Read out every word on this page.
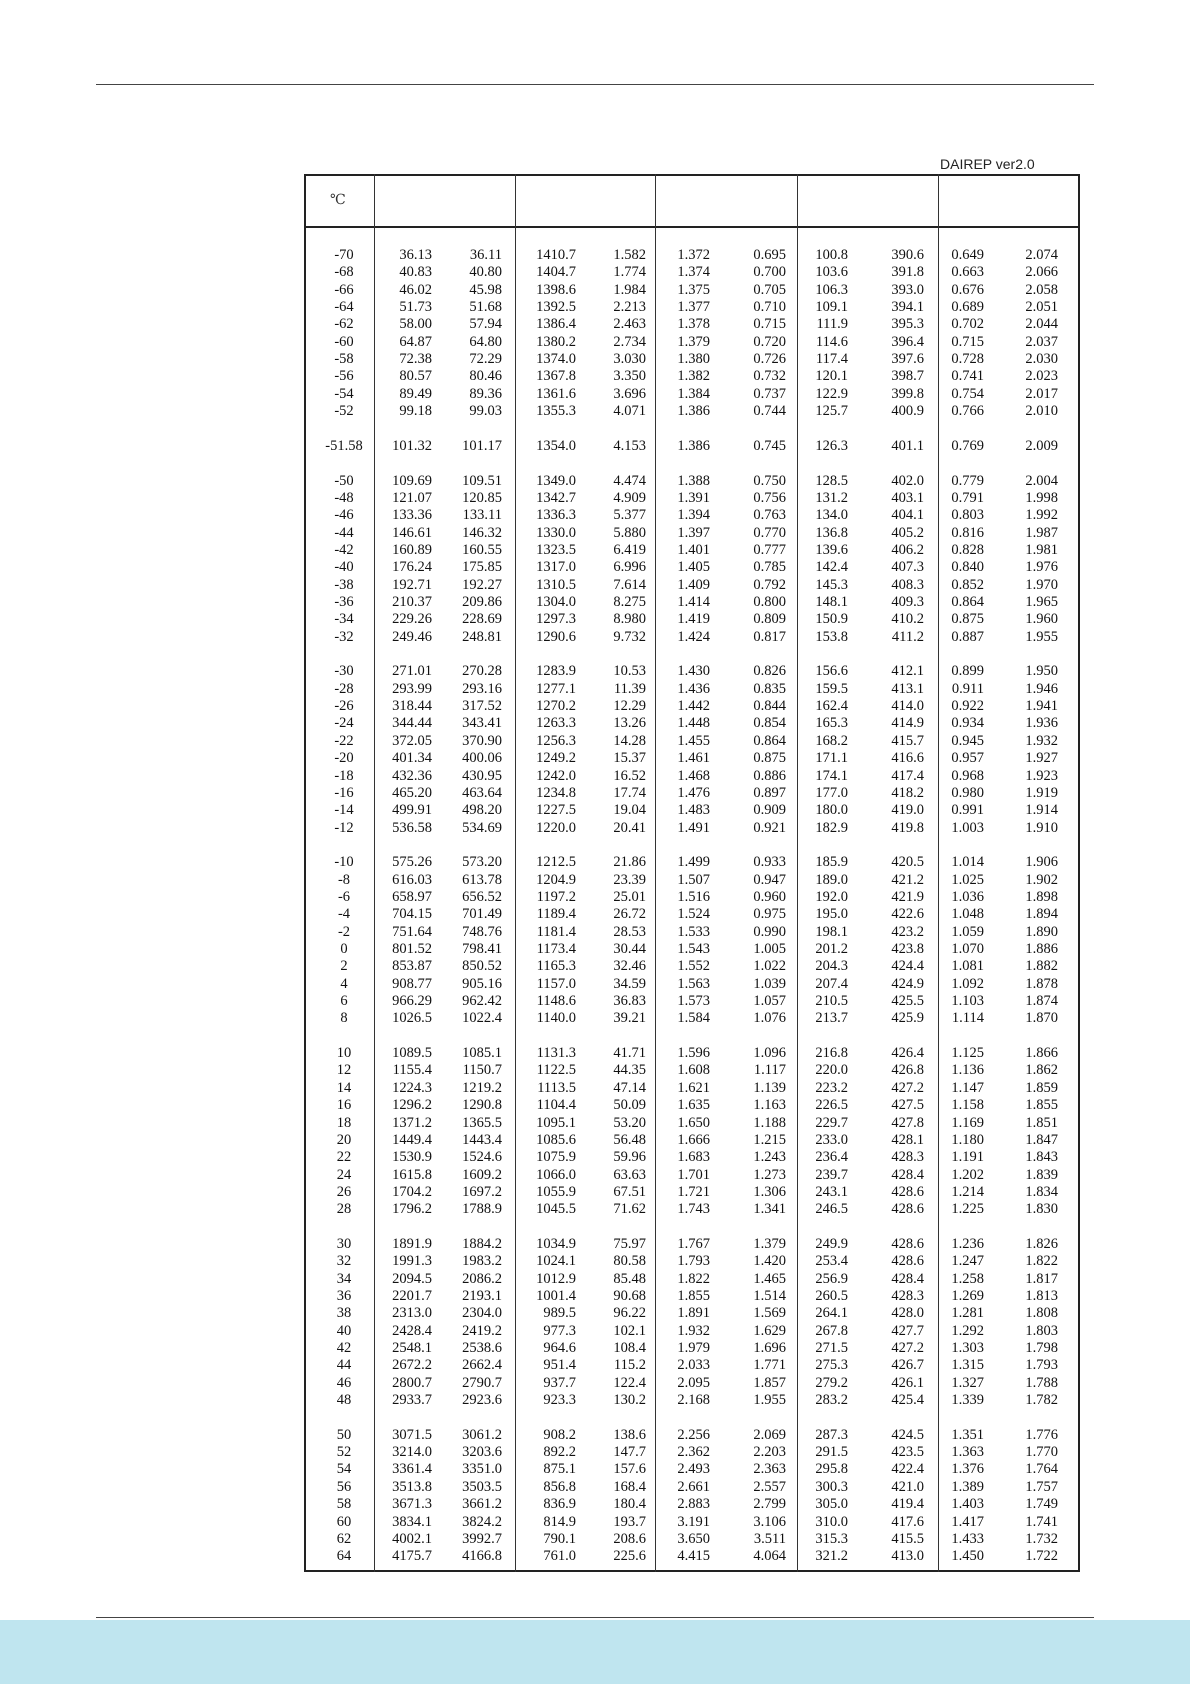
DAIREP ver2.0
℃
-70	36.13	36.11	1410.7	1.582	1.372	0.695	100.8	390.6	0.649	2.074
-68	40.83	40.80	1404.7	1.774	1.374	0.700	103.6	391.8	0.663	2.066
-66	46.02	45.98	1398.6	1.984	1.375	0.705	106.3	393.0	0.676	2.058
-64	51.73	51.68	1392.5	2.213	1.377	0.710	109.1	394.1	0.689	2.051
-62	58.00	57.94	1386.4	2.463	1.378	0.715	111.9	395.3	0.702	2.044
-60	64.87	64.80	1380.2	2.734	1.379	0.720	114.6	396.4	0.715	2.037
-58	72.38	72.29	1374.0	3.030	1.380	0.726	117.4	397.6	0.728	2.030
-56	80.57	80.46	1367.8	3.350	1.382	0.732	120.1	398.7	0.741	2.023
-54	89.49	89.36	1361.6	3.696	1.384	0.737	122.9	399.8	0.754	2.017
-52	99.18	99.03	1355.3	4.071	1.386	0.744	125.7	400.9	0.766	2.010
-51.58	101.32	101.17	1354.0	4.153	1.386	0.745	126.3	401.1	0.769	2.009
-50	109.69	109.51	1349.0	4.474	1.388	0.750	128.5	402.0	0.779	2.004
-48	121.07	120.85	1342.7	4.909	1.391	0.756	131.2	403.1	0.791	1.998
-46	133.36	133.11	1336.3	5.377	1.394	0.763	134.0	404.1	0.803	1.992
-44	146.61	146.32	1330.0	5.880	1.397	0.770	136.8	405.2	0.816	1.987
-42	160.89	160.55	1323.5	6.419	1.401	0.777	139.6	406.2	0.828	1.981
-40	176.24	175.85	1317.0	6.996	1.405	0.785	142.4	407.3	0.840	1.976
-38	192.71	192.27	1310.5	7.614	1.409	0.792	145.3	408.3	0.852	1.970
-36	210.37	209.86	1304.0	8.275	1.414	0.800	148.1	409.3	0.864	1.965
-34	229.26	228.69	1297.3	8.980	1.419	0.809	150.9	410.2	0.875	1.960
-32	249.46	248.81	1290.6	9.732	1.424	0.817	153.8	411.2	0.887	1.955
-30	271.01	270.28	1283.9	10.53	1.430	0.826	156.6	412.1	0.899	1.950
-28	293.99	293.16	1277.1	11.39	1.436	0.835	159.5	413.1	0.911	1.946
-26	318.44	317.52	1270.2	12.29	1.442	0.844	162.4	414.0	0.922	1.941
-24	344.44	343.41	1263.3	13.26	1.448	0.854	165.3	414.9	0.934	1.936
-22	372.05	370.90	1256.3	14.28	1.455	0.864	168.2	415.7	0.945	1.932
-20	401.34	400.06	1249.2	15.37	1.461	0.875	171.1	416.6	0.957	1.927
-18	432.36	430.95	1242.0	16.52	1.468	0.886	174.1	417.4	0.968	1.923
-16	465.20	463.64	1234.8	17.74	1.476	0.897	177.0	418.2	0.980	1.919
-14	499.91	498.20	1227.5	19.04	1.483	0.909	180.0	419.0	0.991	1.914
-12	536.58	534.69	1220.0	20.41	1.491	0.921	182.9	419.8	1.003	1.910
-10	575.26	573.20	1212.5	21.86	1.499	0.933	185.9	420.5	1.014	1.906
-8	616.03	613.78	1204.9	23.39	1.507	0.947	189.0	421.2	1.025	1.902
-6	658.97	656.52	1197.2	25.01	1.516	0.960	192.0	421.9	1.036	1.898
-4	704.15	701.49	1189.4	26.72	1.524	0.975	195.0	422.6	1.048	1.894
-2	751.64	748.76	1181.4	28.53	1.533	0.990	198.1	423.2	1.059	1.890
0	801.52	798.41	1173.4	30.44	1.543	1.005	201.2	423.8	1.070	1.886
2	853.87	850.52	1165.3	32.46	1.552	1.022	204.3	424.4	1.081	1.882
4	908.77	905.16	1157.0	34.59	1.563	1.039	207.4	424.9	1.092	1.878
6	966.29	962.42	1148.6	36.83	1.573	1.057	210.5	425.5	1.103	1.874
8	1026.5	1022.4	1140.0	39.21	1.584	1.076	213.7	425.9	1.114	1.870
10	1089.5	1085.1	1131.3	41.71	1.596	1.096	216.8	426.4	1.125	1.866
12	1155.4	1150.7	1122.5	44.35	1.608	1.117	220.0	426.8	1.136	1.862
14	1224.3	1219.2	1113.5	47.14	1.621	1.139	223.2	427.2	1.147	1.859
16	1296.2	1290.8	1104.4	50.09	1.635	1.163	226.5	427.5	1.158	1.855
18	1371.2	1365.5	1095.1	53.20	1.650	1.188	229.7	427.8	1.169	1.851
20	1449.4	1443.4	1085.6	56.48	1.666	1.215	233.0	428.1	1.180	1.847
22	1530.9	1524.6	1075.9	59.96	1.683	1.243	236.4	428.3	1.191	1.843
24	1615.8	1609.2	1066.0	63.63	1.701	1.273	239.7	428.4	1.202	1.839
26	1704.2	1697.2	1055.9	67.51	1.721	1.306	243.1	428.6	1.214	1.834
28	1796.2	1788.9	1045.5	71.62	1.743	1.341	246.5	428.6	1.225	1.830
30	1891.9	1884.2	1034.9	75.97	1.767	1.379	249.9	428.6	1.236	1.826
32	1991.3	1983.2	1024.1	80.58	1.793	1.420	253.4	428.6	1.247	1.822
34	2094.5	2086.2	1012.9	85.48	1.822	1.465	256.9	428.4	1.258	1.817
36	2201.7	2193.1	1001.4	90.68	1.855	1.514	260.5	428.3	1.269	1.813
38	2313.0	2304.0	989.5	96.22	1.891	1.569	264.1	428.0	1.281	1.808
40	2428.4	2419.2	977.3	102.1	1.932	1.629	267.8	427.7	1.292	1.803
42	2548.1	2538.6	964.6	108.4	1.979	1.696	271.5	427.2	1.303	1.798
44	2672.2	2662.4	951.4	115.2	2.033	1.771	275.3	426.7	1.315	1.793
46	2800.7	2790.7	937.7	122.4	2.095	1.857	279.2	426.1	1.327	1.788
48	2933.7	2923.6	923.3	130.2	2.168	1.955	283.2	425.4	1.339	1.782
50	3071.5	3061.2	908.2	138.6	2.256	2.069	287.3	424.5	1.351	1.776
52	3214.0	3203.6	892.2	147.7	2.362	2.203	291.5	423.5	1.363	1.770
54	3361.4	3351.0	875.1	157.6	2.493	2.363	295.8	422.4	1.376	1.764
56	3513.8	3503.5	856.8	168.4	2.661	2.557	300.3	421.0	1.389	1.757
58	3671.3	3661.2	836.9	180.4	2.883	2.799	305.0	419.4	1.403	1.749
60	3834.1	3824.2	814.9	193.7	3.191	3.106	310.0	417.6	1.417	1.741
62	4002.1	3992.7	790.1	208.6	3.650	3.511	315.3	415.5	1.433	1.732
64	4175.7	4166.8	761.0	225.6	4.415	4.064	321.2	413.0	1.450	1.722
